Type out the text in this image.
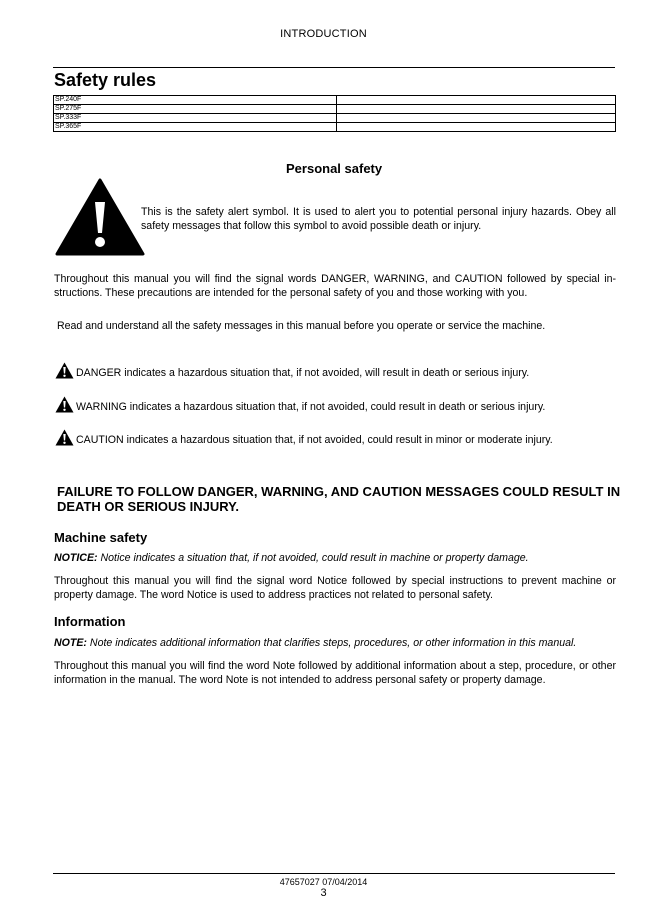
INTRODUCTION
Safety rules
SP.240F	
SP.275F	
SP.333F	
SP.365F	
Personal safety
This is the safety alert symbol. It is used to alert you to potential personal injury hazards. Obey all safety messages that follow this symbol to avoid possible death or injury.
Throughout this manual you will find the signal words DANGER, WARNING, and CAUTION followed by special in-structions. These precautions are intended for the personal safety of you and those working with you.
Read and understand all the safety messages in this manual before you operate or service the machine.
DANGER indicates a hazardous situation that, if not avoided, will result in death or serious injury.
WARNING indicates a hazardous situation that, if not avoided, could result in death or serious injury.
CAUTION indicates a hazardous situation that, if not avoided, could result in minor or moderate injury.
FAILURE TO FOLLOW DANGER, WARNING, AND CAUTION MESSAGES COULD RESULT IN DEATH OR SERIOUS INJURY.
Machine safety
NOTICE: Notice indicates a situation that, if not avoided, could result in machine or property damage.
Throughout this manual you will find the signal word Notice followed by special instructions to prevent machine or property damage. The word Notice is used to address practices not related to personal safety.
Information
NOTE: Note indicates additional information that clarifies steps, procedures, or other information in this manual.
Throughout this manual you will find the word Note followed by additional information about a step, procedure, or other information in the manual. The word Note is not intended to address personal safety or property damage.
47657027 07/04/2014
3
